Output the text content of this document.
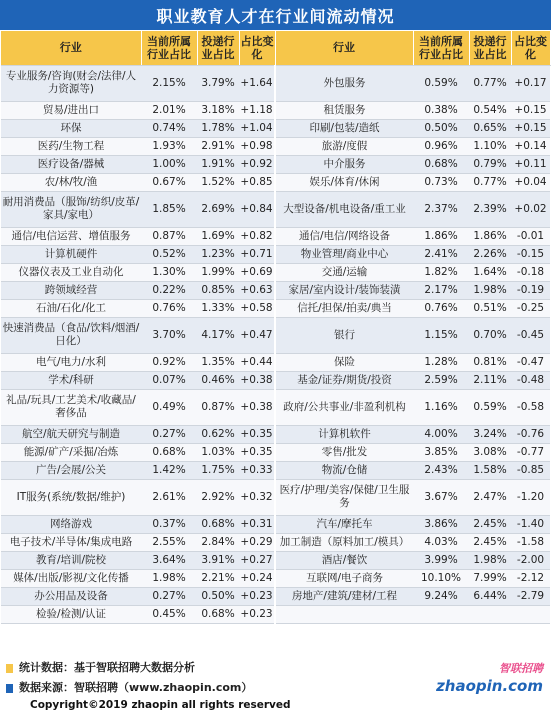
职业教育人才在行业间流动情况
行业	当前所属行业占比	投递行业占比	占比变化	行业	当前所属行业占比	投递行业占比	占比变化
专业服务/咨询(财会/法律/人力资源等)	2.15%	3.79%	+1.64	外包服务	0.59%	0.77%	+0.17
贸易/进出口	2.01%	3.18%	+1.18	租赁服务	0.38%	0.54%	+0.15
环保	0.74%	1.78%	+1.04	印刷/包装/造纸	0.50%	0.65%	+0.15
医药/生物工程	1.93%	2.91%	+0.98	旅游/度假	0.96%	1.10%	+0.14
医疗设备/器械	1.00%	1.91%	+0.92	中介服务	0.68%	0.79%	+0.11
农/林/牧/渔	0.67%	1.52%	+0.85	娱乐/体育/休闲	0.73%	0.77%	+0.04
耐用消费品（服饰/纺织/皮革/家具/家电）	1.85%	2.69%	+0.84	大型设备/机电设备/重工业	2.37%	2.39%	+0.02
通信/电信运营、增值服务	0.87%	1.69%	+0.82	通信/电信/网络设备	1.86%	1.86%	-0.01
计算机硬件	0.52%	1.23%	+0.71	物业管理/商业中心	2.41%	2.26%	-0.15
仪器仪表及工业自动化	1.30%	1.99%	+0.69	交通/运输	1.82%	1.64%	-0.18
跨领域经营	0.22%	0.85%	+0.63	家居/室内设计/装饰装潢	2.17%	1.98%	-0.19
石油/石化/化工	0.76%	1.33%	+0.58	信托/担保/拍卖/典当	0.76%	0.51%	-0.25
快速消费品（食品/饮料/烟酒/日化）	3.70%	4.17%	+0.47	银行	1.15%	0.70%	-0.45
电气/电力/水利	0.92%	1.35%	+0.44	保险	1.28%	0.81%	-0.47
学术/科研	0.07%	0.46%	+0.38	基金/证券/期货/投资	2.59%	2.11%	-0.48
礼品/玩具/工艺美术/收藏品/奢侈品	0.49%	0.87%	+0.38	政府/公共事业/非盈利机构	1.16%	0.59%	-0.58
航空/航天研究与制造	0.27%	0.62%	+0.35	计算机软件	4.00%	3.24%	-0.76
能源/矿产/采掘/冶炼	0.68%	1.03%	+0.35	零售/批发	3.85%	3.08%	-0.77
广告/会展/公关	1.42%	1.75%	+0.33	物流/仓储	2.43%	1.58%	-0.85
IT服务(系统/数据/维护)	2.61%	2.92%	+0.32	医疗/护理/美容/保健/卫生服务	3.67%	2.47%	-1.20
网络游戏	0.37%	0.68%	+0.31	汽车/摩托车	3.86%	2.45%	-1.40
电子技术/半导体/集成电路	2.55%	2.84%	+0.29	加工制造（原料加工/模具）	4.03%	2.45%	-1.58
教育/培训/院校	3.64%	3.91%	+0.27	酒店/餐饮	3.99%	1.98%	-2.00
媒体/出版/影视/文化传播	1.98%	2.21%	+0.24	互联网/电子商务	10.10%	7.99%	-2.12
办公用品及设备	0.27%	0.50%	+0.23	房地产/建筑/建材/工程	9.24%	6.44%	-2.79
检验/检测/认证	0.45%	0.68%	+0.23				
统计数据：基于智联招聘大数据分析
数据来源：智联招聘（www.zhaopin.com）
智联招聘
zhaopin.com
Copyright©2019 zhaopin all rights reserved
